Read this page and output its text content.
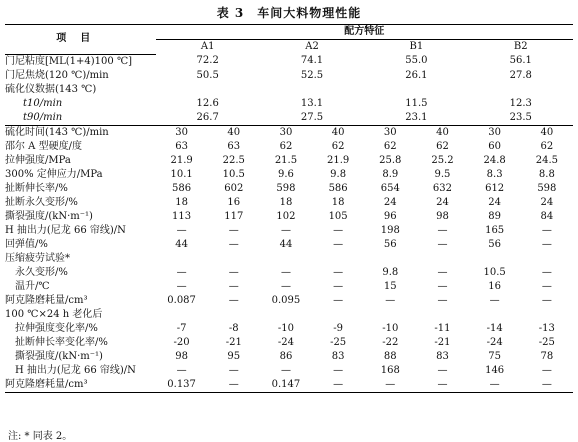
表 3　车间大料物理性能
项目	配方特征							
	A1		A2		B1		B2	
门尼粘度[ML(1+4)100 ℃]	72.2		74.1		55.0		56.1	
门尼焦烧(120 ℃)/min	50.5		52.5		26.1		27.8	
硫化仪数据(143 ℃)								
t10/min	12.6		13.1		11.5		12.3	
t90/min	26.7		27.5		23.1		23.5	
硫化时间(143 ℃)/min	30	40	30	40	30	40	30	40
邵尔 A 型硬度/度	63	63	62	62	62	62	60	62
拉伸强度/MPa	21.9	22.5	21.5	21.9	25.8	25.2	24.8	24.5
300% 定伸应力/MPa	10.1	10.5	9.6	9.8	8.9	9.5	8.3	8.8
扯断伸长率/%	586	602	598	586	654	632	612	598
扯断永久变形/%	18	16	18	18	24	24	24	24
撕裂强度/(kN·m⁻¹)	113	117	102	105	96	98	89	84
H 抽出力(尼龙 66 帘线)/N	—	—	—	—	198	—	165	—
回弹值/%	44	—	44	—	56	—	56	—
压缩疲劳试验*								
永久变形/%	—	—	—	—	9.8	—	10.5	—
温升/℃	—	—	—	—	15	—	16	—
阿克隆磨耗量/cm³	0.087	—	0.095	—	—	—	—	—
100 ℃×24 h 老化后								
拉伸强度变化率/%	-7	-8	-10	-9	-10	-11	-14	-13
扯断伸长率变化率/%	-20	-21	-24	-25	-22	-21	-24	-25
撕裂强度/(kN·m⁻¹)	98	95	86	83	88	83	75	78
H 抽出力(尼龙 66 帘线)/N	—	—	—	—	168	—	146	—
阿克隆磨耗量/cm³	0.137	—	0.147	—	—	—	—	—
注: * 同表 2。
